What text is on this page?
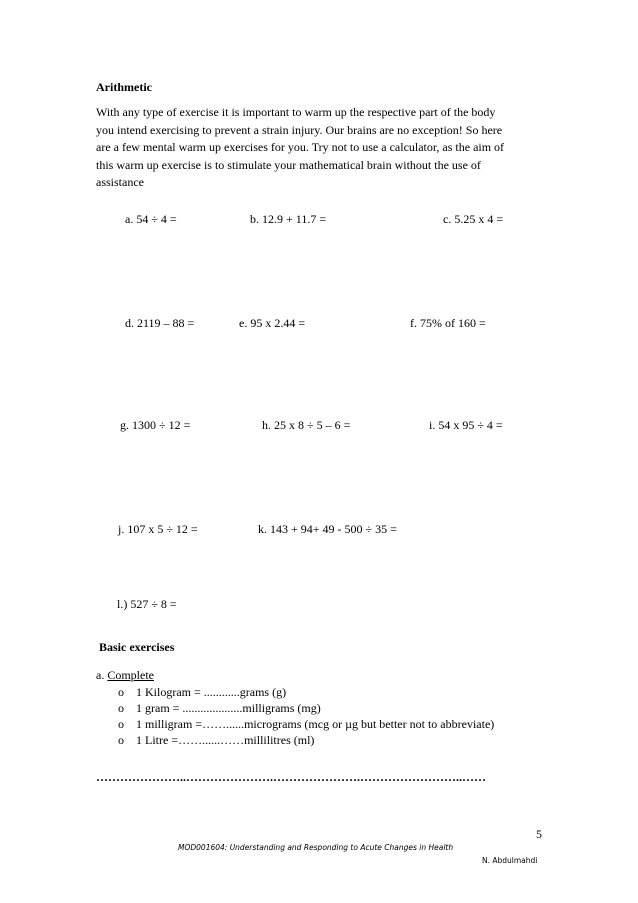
Arithmetic
With any type of exercise it is important to warm up the respective part of the body
you intend exercising to prevent a strain injury. Our brains are no exception! So here
are a few mental warm up exercises for you. Try not to use a calculator, as the aim of
this warm up exercise is to stimulate your mathematical brain without the use of
assistance
a. 54 ÷ 4 =	b. 12.9 + 11.7 =	c. 5.25 x 4 =
d. 2119 – 88 =	e. 95 x 2.44 =	f. 75% of 160 =
g. 1300 ÷ 12 =	h. 25 x 8 ÷ 5 – 6 =	i. 54 x 95 ÷ 4 =
j. 107 x 5 ÷ 12 =	k. 143 + 94+ 49 - 500 ÷ 35 =
l.) 527 ÷ 8 =
Basic exercises
a. Complete
o 1 Kilogram = ............grams (g)
o 1 gram = ....................milligrams (mg)
o 1 milligram =……......micrograms (mcg or µg but better not to abbreviate)
o 1 Litre =……......……millilitres (ml)
…………………..………………….………………….……………………..……
5
MOD001604: Understanding and Responding to Acute Changes in Health
N. Abdulmahdi
